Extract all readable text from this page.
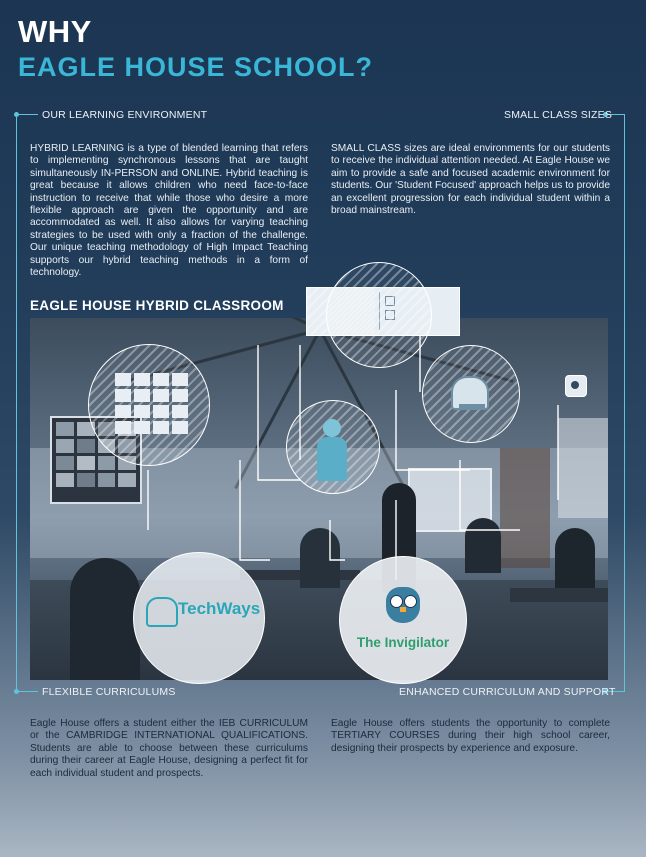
WHY
EAGLE HOUSE SCHOOL?
OUR LEARNING ENVIRONMENT	SMALL CLASS SIZES
FLEXIBLE CURRICULUMS	ENHANCED CURRICULUM AND SUPPORT

HYBRID LEARNING is a type of blended learning that refers to implementing synchronous lessons that are taught simultaneously IN-PERSON and ONLINE. Hybrid teaching is great because it allows children who need face-to-face instruction to receive that while those who desire a more flexible approach are given the opportunity and are accommodated as well. It also allows for varying teaching strategies to be used with only a fraction of the challenge. Our unique teaching methodology of High Impact Teaching supports our hybrid teaching methods in a form of technology.

SMALL CLASS sizes are ideal environments for our students to receive the individual attention needed. At Eagle House we aim to provide a safe and focused academic environment for students. Our 'Student Focused' approach helps us to provide an excellent progression for each individual student within a broad mainstream.

EAGLE HOUSE HYBRID CLASSROOM
TechWays
The Invigilator

Eagle House offers a student either the IEB CURRICULUM or the CAMBRIDGE INTERNATIONAL QUALIFICATIONS. Students are able to choose between these curriculums during their career at Eagle House, designing a perfect fit for each individual student and prospects.

Eagle House offers students the opportunity to complete TERTIARY COURSES during their high school career, designing their prospects by experience and exposure.
